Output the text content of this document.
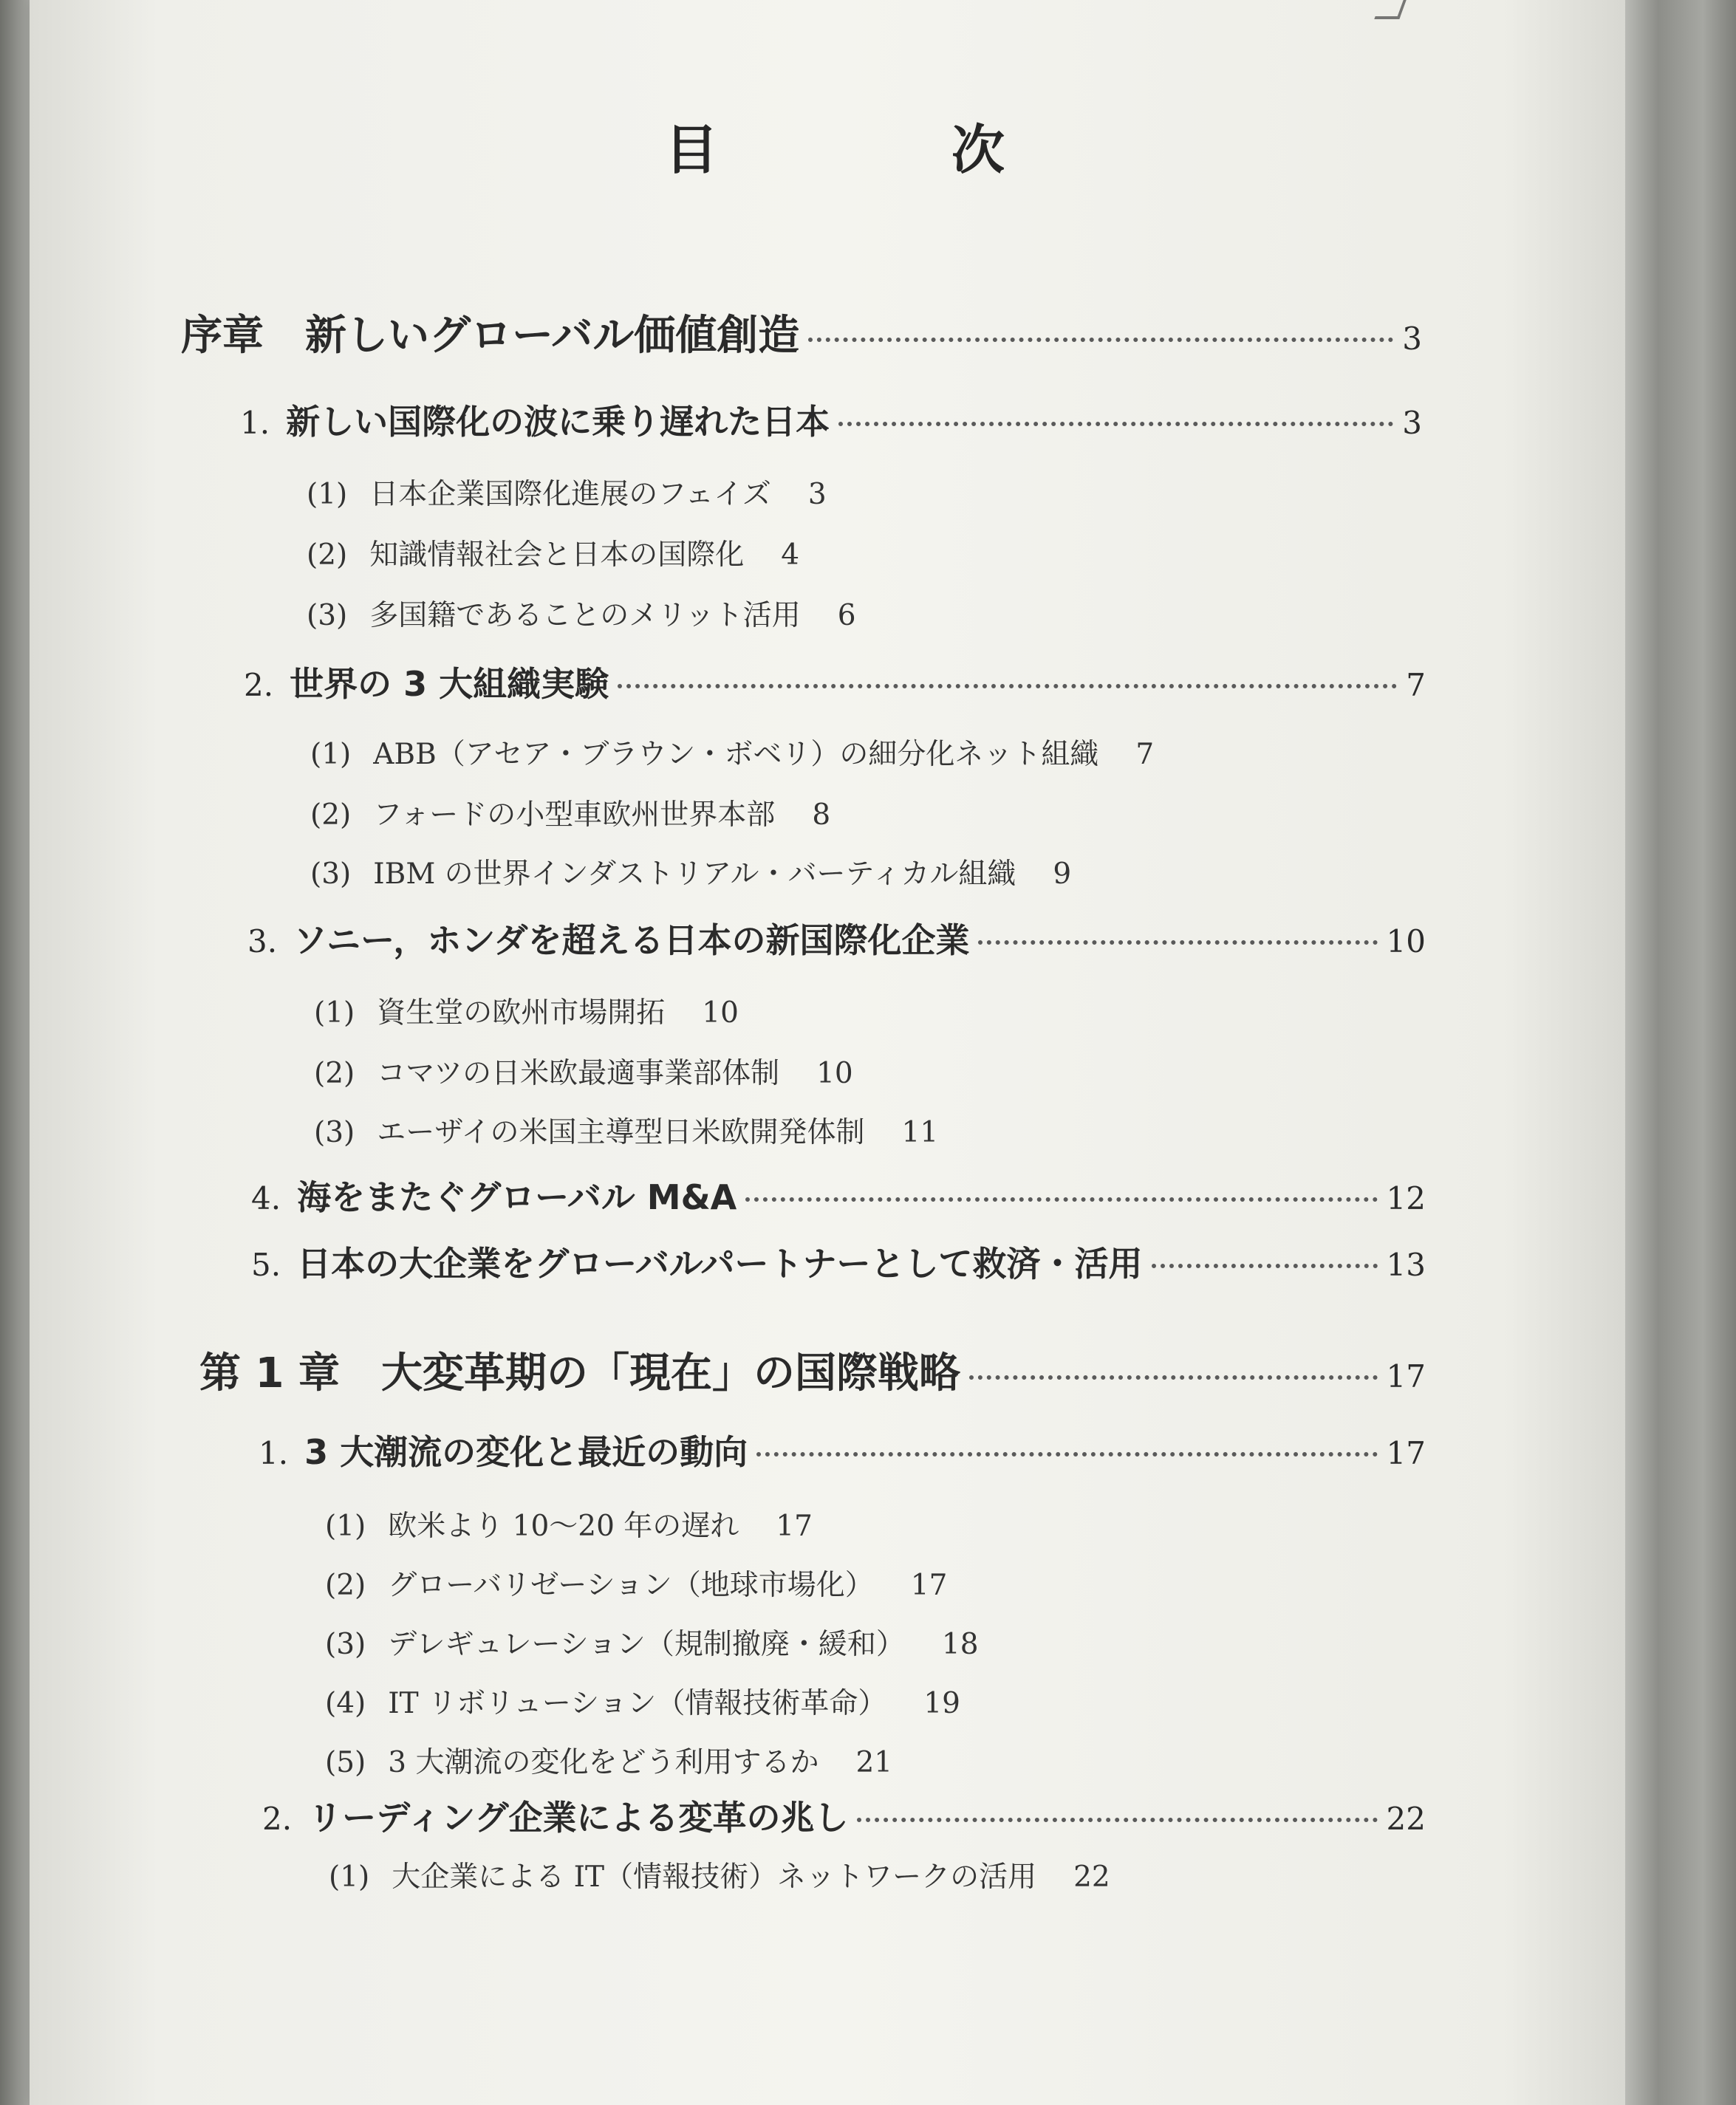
目	次
序章　新しいグローバル価値創造	3
1. 新しい国際化の波に乗り遅れた日本	3
(1) 日本企業国際化進展のフェイズ 3
(2) 知識情報社会と日本の国際化 4
(3) 多国籍であることのメリット活用 6
2. 世界の 3 大組織実験	7
(1) ABB（アセア・ブラウン・ボベリ）の細分化ネット組織 7
(2) フォードの小型車欧州世界本部 8
(3) IBM の世界インダストリアル・バーティカル組織 9
3. ソニー，ホンダを超える日本の新国際化企業	10
(1) 資生堂の欧州市場開拓 10
(2) コマツの日米欧最適事業部体制 10
(3) エーザイの米国主導型日米欧開発体制 11
4. 海をまたぐグローバル M&A	12
5. 日本の大企業をグローバルパートナーとして救済・活用	13
第 1 章　大変革期の「現在」の国際戦略	17
1. 3 大潮流の変化と最近の動向	17
(1) 欧米より 10～20 年の遅れ 17
(2) グローバリゼーション（地球市場化） 17
(3) デレギュレーション（規制撤廃・緩和） 18
(4) IT リボリューション（情報技術革命） 19
(5) 3 大潮流の変化をどう利用するか 21
2. リーディング企業による変革の兆し	22
(1) 大企業による IT（情報技術）ネットワークの活用 22
